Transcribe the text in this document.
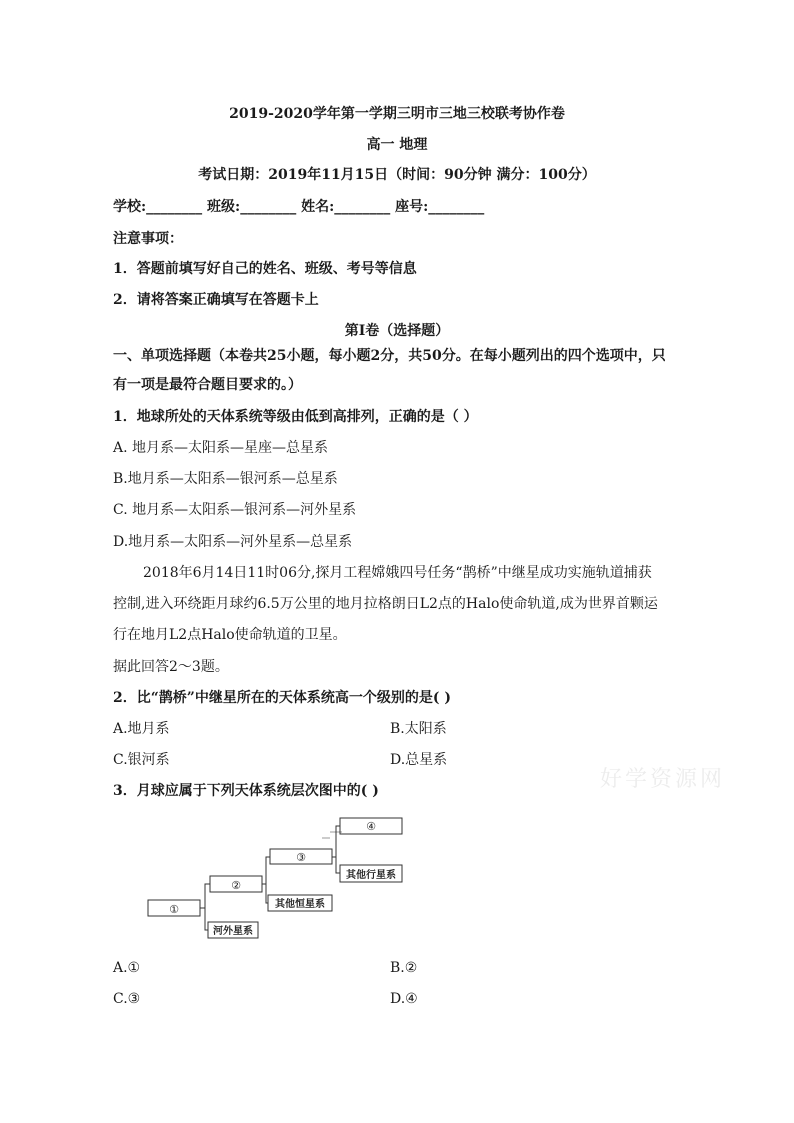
2019-2020学年第一学期三明市三地三校联考协作卷
高一 地理
考试日期：2019年11月15日（时间：90分钟 满分：100分）
学校:________ 班级:________ 姓名:________ 座号:________
注意事项：
1．答题前填写好自己的姓名、班级、考号等信息
2．请将答案正确填写在答题卡上
第I卷（选择题）
一、单项选择题（本卷共25小题，每小题2分，共50分。在每小题列出的四个选项中，只
有一项是最符合题目要求的。）
1．地球所处的天体系统等级由低到高排列，正确的是（ ）
A. 地月系—太阳系—星座—总星系
B.地月系—太阳系—银河系—总星系
C. 地月系—太阳系—银河系—河外星系
D.地月系—太阳系—河外星系—总星系
2018年6月14日11时06分,探月工程嫦娥四号任务“鹊桥”中继星成功实施轨道捕获
控制,进入环绕距月球约6.5万公里的地月拉格朗日L2点的Halo使命轨道,成为世界首颗运
行在地月L2点Halo使命轨道的卫星。
据此回答2～3题。
2．比“鹊桥”中继星所在的天体系统高一个级别的是( )
A.地月系	B.太阳系
C.银河系	D.总星系
3．月球应属于下列天体系统层次图中的( )
①
②
③
④
河外星系
其他恒星系
其他行星系
A.①	B.②
C.③	D.④
好学资源网
